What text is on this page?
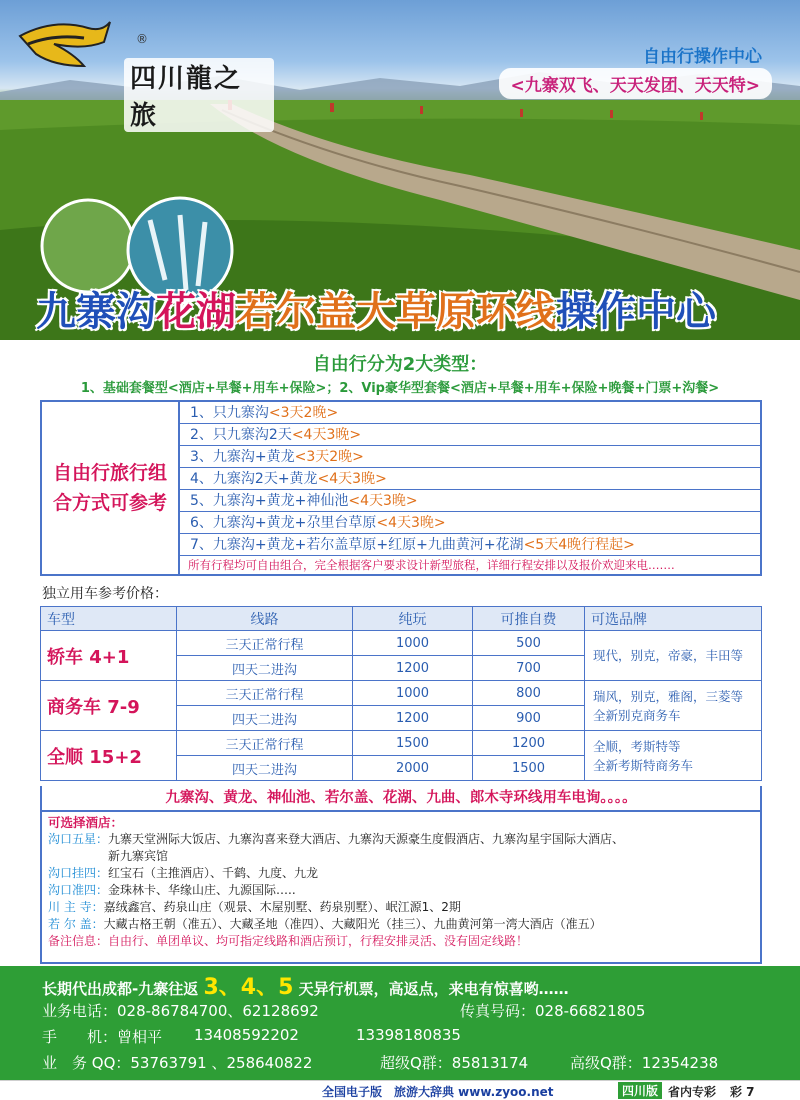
®
四川龍之旅
自由行操作中心
<九寨双飞、天天发团、天天特>
九寨沟花湖若尔盖大草原环线操作中心
自由行分为2大类型：
1、基础套餐型<酒店+早餐+用车+保险>；2、Vip豪华型套餐<酒店+早餐+用车+保险+晚餐+门票+沟餐>
自由行旅行组
合方式可参考
1、只九寨沟<3天2晚>
2、只九寨沟2天<4天3晚>
3、九寨沟+黄龙<3天2晚>
4、九寨沟2天+黄龙<4天3晚>
5、九寨沟+黄龙+神仙池<4天3晚>
6、九寨沟+黄龙+尕里台草原<4天3晚>
7、九寨沟+黄龙+若尔盖草原+红原+九曲黄河+花湖<5天4晚行程起>
所有行程均可自由组合，完全根据客户要求设计新型旅程，详细行程安排以及报价欢迎来电…….
独立用车参考价格：
车型	线路	纯玩	可推自费	可选品牌
轿车 4+1	三天正常行程	1000	500	现代，别克，帝豪，丰田等

	四天二进沟	1200	700	
商务车 7-9	三天正常行程	1000	800	瑞风，别克，雅阁，三菱等
全新别克商务车

	四天二进沟	1200	900	
全顺 15+2	三天正常行程	1500	1200	全顺，考斯特等
全新考斯特商务车

	四天二进沟	2000	1500	
九寨沟、黄龙、神仙池、若尔盖、花湖、九曲、郎木寺环线用车电询。。。。
可选择酒店：
沟口五星： 九寨天堂洲际大饭店、九寨沟喜来登大酒店、九寨沟天源豪生度假酒店、九寨沟星宇国际大酒店、
新九寨宾馆
沟口挂四： 红宝石（主推酒店）、千鹤、九度、九龙
沟口准四： 金珠林卡、华缘山庄、九源国际…..
川 主 寺： 嘉绒鑫宫、药泉山庄（观景、木屋别墅、药泉别墅）、岷江源1、2期
若 尔 盖： 大藏古格王朝（准五）、大藏圣地（准四）、大藏阳光（挂三）、九曲黄河第一湾大酒店（准五）
备注信息： 自由行、单团单议、均可指定线路和酒店预订，行程安排灵活、没有固定线路！
长期代出成都-九寨往返 3、4、5 天异行机票，高返点，来电有惊喜哟……
业务电话：028-86784700、62128692	传真号码：028-66821805
手　　机：曾相平 13408592202	13398180835
业　务 QQ：53763791 、258640822	超级Q群：85813174	高级Q群：12354238
全国电子版　旅游大辞典 www.zyoo.net	四川版 省内专彩 彩 7
